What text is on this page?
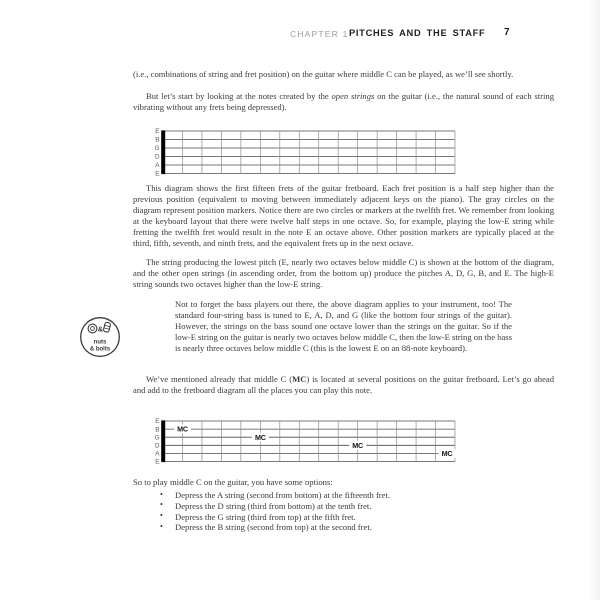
CHAPTER 1 PITCHES AND THE STAFF 7

(i.e., combinations of string and fret position) on the guitar where middle C can be played, as we’ll see shortly.

But let’s start by looking at the notes created by the open strings on the guitar (i.e., the natural sound of each string vibrating without any frets being depressed).

E
B
G
D
A
E

This diagram shows the first fifteen frets of the guitar fretboard. Each fret position is a half step higher than the previous position (equivalent to moving between immediately adjacent keys on the piano). The gray circles on the diagram represent position markers. Notice there are two circles or markers at the twelfth fret. We remember from looking at the keyboard layout that there were twelve half steps in one octave. So, for example, playing the low-E string while fretting the twelfth fret would result in the note E an octave above. Other position markers are typically placed at the third, fifth, seventh, and ninth frets, and the equivalent frets up in the next octave.

The string producing the lowest pitch (E, nearly two octaves below middle C) is shown at the bottom of the diagram, and the other open strings (in ascending order, from the bottom up) produce the pitches A, D, G, B, and E. The high-E string sounds two octaves higher than the low-E string.

&
nuts
& bolts

Not to forget the bass players out there, the above diagram applies to your instrument, too! The standard four-string bass is tuned to E, A, D, and G (like the bottom four strings of the guitar). However, the strings on the bass sound one octave lower than the strings on the guitar. So if the low-E string on the guitar is nearly two octaves below middle C, then the low-E string on the bass is nearly three octaves below middle C (this is the lowest E on an 88-note keyboard).

We’ve mentioned already that middle C (MC) is located at several positions on the guitar fretboard. Let’s go ahead and add to the fretboard diagram all the places you can play this note.

E
B
G
D
A
E
MC
MC
MC
MC

So to play middle C on the guitar, you have some options:

• Depress the A string (second from bottom) at the fifteenth fret.
• Depress the D string (third from bottom) at the tenth fret.
• Depress the G string (third from top) at the fifth fret.
• Depress the B string (second from top) at the second fret.
